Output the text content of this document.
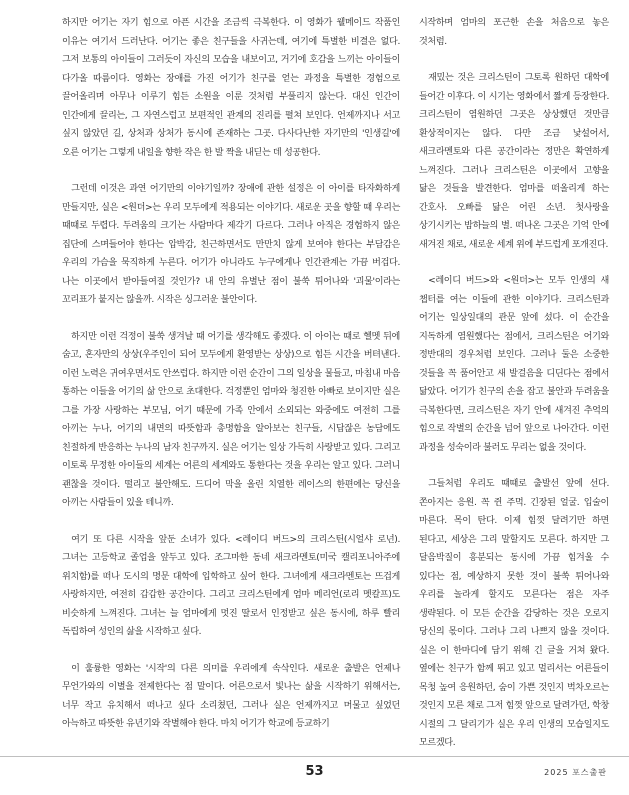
하지만 어기는 자기 힘으로 아픈 시간을 조금씩 극복한다. 이 영화가 웰메이드 작품인 이유는 여기서 드러난다. 어기는 좋은 친구들을 사귀는데, 여기에 특별한 비결은 없다. 그저 보통의 아이들이 그러듯이 자신의 모습을 내보이고, 거기에 호감을 느끼는 아이들이 다가올 따름이다. 영화는 장애를 가진 어기가 친구를 얻는 과정을 특별한 경험으로 끌어올리며 아무나 이루기 힘든 소원을 이룬 것처럼 부풀리지 않는다. 대신 인간이 인간에게 끌리는, 그 자연스럽고 보편적인 관계의 진리를 펼쳐 보인다. 언제까지나 서고 싶지 않았던 길, 상처과 상처가 동시에 존재하는 그곳. 다사다난한 자기만의 '인생길'에 오른 어기는 그렇게 내일을 향한 작은 한 발 짝을 내딛는 데 성공한다.

그런데 이것은 과연 어기만의 이야기일까? 장애에 관한 설정은 이 아이를 타자화하게 만들지만, 실은 <원더>는 우리 모두에게 적용되는 이야기다. 새로운 곳을 향할 때 우리는 때때로 두렵다. 두려움의 크기는 사람마다 제각기 다르다. 그러나 아직은 경험하지 않은 집단에 스며들어야 한다는 압박감, 친근하면서도 만만치 않게 보여야 한다는 부담감은 우리의 가슴을 묵직하게 누른다. 어기가 아니라도 누구에게나 인간관계는 가끔 버겁다. 나는 이곳에서 받아들여질 것인가? 내 안의 유별난 점이 불쑥 튀어나와 '괴물'이라는 꼬리표가 붙지는 않을까. 시작은 싱그러운 불안이다.

하지만 이런 걱정이 불쑥 생겨날 때 어기를 생각해도 좋겠다. 이 아이는 때로 헬멧 뒤에 숨고, 혼자만의 상상(우주인이 되어 모두에게 환영받는 상상)으로 힘든 시간을 버텨낸다. 이런 노력은 귀여우면서도 안쓰럽다. 하지만 이런 순간이 그의 일상을 물들고, 마침내 마음 통하는 이들을 어기의 삶 안으로 초대한다. 걱정뿐인 엄마와 청진한 아빠로 보이지만 실은 그를 가장 사랑하는 부모님, 어기 때문에 가족 안에서 소외되는 와중에도 여전히 그를 아끼는 누나, 어기의 내면의 따뜻함과 총명함을 알아보는 친구들, 시답잖은 농담에도 친절하게 반응하는 누나의 남자 친구까지. 실은 어기는 일상 가득히 사랑받고 있다. 그리고 이토록 무정한 아이들의 세계는 어른의 세계와도 통한다는 것을 우리는 알고 있다. 그러니 괜찮을 것이다. 떨리고 불안해도. 드디어 막을 올린 치열한 레이스의 한편에는 당신을 아끼는 사람들이 있을 테니까.

여기 또 다른 시작을 앞둔 소녀가 있다. <레이디 버드>의 크리스틴(시얼샤 로넌). 그녀는 고등학교 졸업을 앞두고 있다. 조그마한 동네 새크라멘토(미국 캘리포니아주에 위치함)를 떠나 도시의 명문 대학에 입학하고 싶어 한다. 그녀에게 새크라멘토는 뜨겁게 사랑하지만, 여전히 갑갑한 공간이다. 그리고 크리스틴에게 엄마 메리언(로리 멧칼프)도 비슷하게 느껴진다. 그녀는 늘 엄마에게 멋진 딸로서 인정받고 싶은 동시에, 하루 빨리 독립하여 성인의 삶을 시작하고 싶다.

이 훌륭한 영화는 '시작'의 다른 의미를 우리에게 속삭인다. 새로운 출발은 언제나 무언가와의 이별을 전제한다는 점 말이다. 어른으로서 빛나는 삶을 시작하기 위해서는, 너무 작고 유치해서 떠나고 싶다 소리쳤던, 그러나 실은 언제까지고 머물고 싶었던 아늑하고 따뜻한 유년기와 작별해야 한다. 마치 어기가 학교에 등교하기

시작하며 엄마의 포근한 손을 처음으로 놓은 것처럼.

재밌는 것은 크리스틴이 그토록 원하던 대학에 들어간 이후다. 이 시기는 영화에서 짧게 등장한다. 크리스틴이 염원하던 그곳은 상상했던 것만큼 환상적이지는 않다. 다만 조금 낯설어서, 새크라멘토와 다른 공간이라는 정만은 확연하게 느껴진다. 그러나 크리스틴은 이곳에서 고향을 닮은 것들을 발견한다. 엄마를 떠올리게 하는 간호사. 오빠를 닮은 어린 소년. 첫사랑을 상기시키는 밤하늘의 별. 떠나온 그곳은 기억 안에 새겨진 채로, 새로운 세계 위에 부드럽게 포개진다.

<레이디 버드>와 <원더>는 모두 인생의 새 챕터를 여는 이들에 관한 이야기다. 크리스틴과 어기는 일상일대의 관문 앞에 섰다. 이 순간을 지독하게 염원했다는 점에서, 크리스틴은 어기와 정반대의 경우처럼 보인다. 그러나 둘은 소중한 것들을 꼭 품어안고 새 발걸음을 디딘다는 점에서 닮았다. 어기가 친구의 손을 잡고 불안과 두려움을 극복한다면, 크리스틴은 자기 안에 새겨진 추억의 힘으로 작별의 순간을 넘어 앞으로 나아간다. 이런 과정을 성숙이라 불러도 무리는 없을 것이다.

그들처럼 우리도 때때로 출발선 앞에 선다. 쫀아지는 응원. 꼭 쥔 주먹. 긴장된 얼굴. 입술이 마른다. 목이 탄다. 이제 힘껏 달려기만 하면 된다고, 세상은 그리 말할지도 모른다. 하지만 그 달음박질이 흥분되는 동시에 가끔 힘겨울 수 있다는 점, 예상하지 못한 것이 불쑥 튀어나와 우리를 놀라게 할지도 모른다는 점은 자주 생략된다. 이 모든 순간을 감당하는 것은 오로지 당신의 몫이다. 그러나 그리 나쁘지 않을 것이다. 실은 이 한마디에 담기 위해 긴 글을 거쳐 왔다. 옆에는 친구가 함께 뛰고 있고 멀리서는 어른들이 목청 높여 응원하던, 숨이 가쁜 것인지 벅차오르는 것인지 모른 채로 그저 힘껏 앞으로 달려가던, 학창 시절의 그 달리기가 실은 우리 인생의 모습일지도 모르겠다.

53	2025 포스출판
